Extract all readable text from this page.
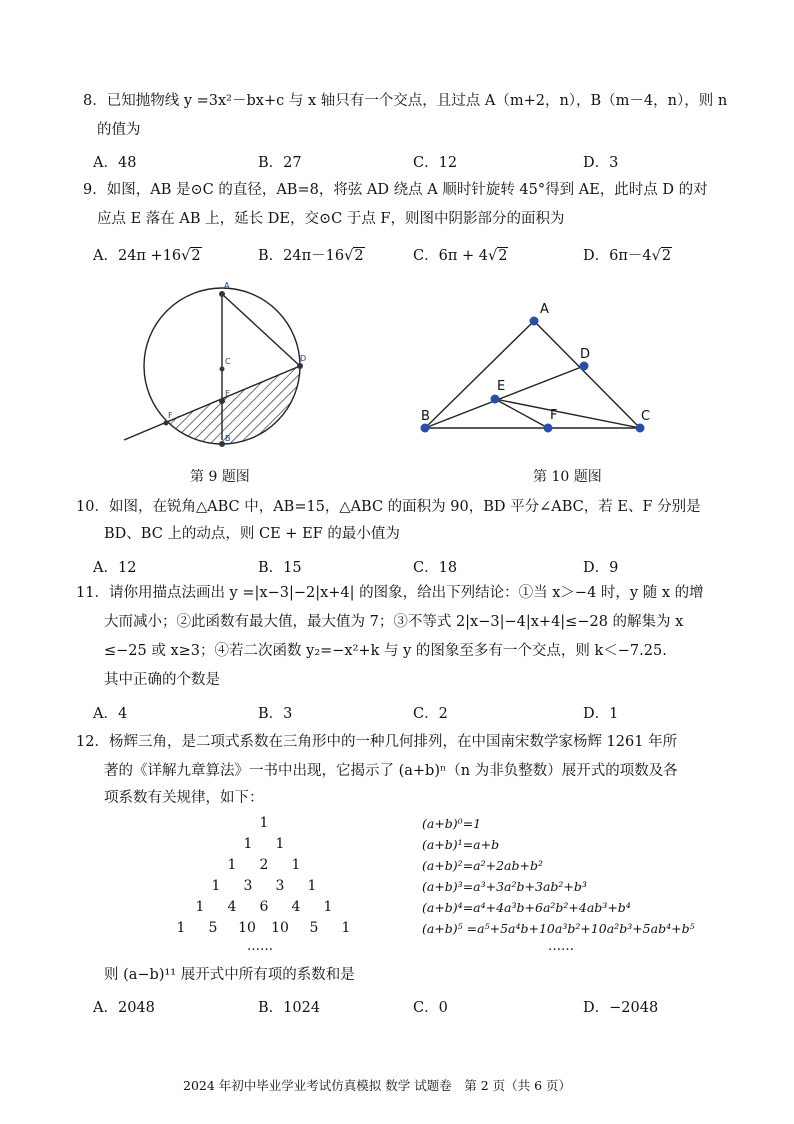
8．已知抛物线 y =3x²－bx+c 与 x 轴只有一个交点，且过点 A（m+2，n），B（m－4，n），则 n
的值为
A．48	B．27	C．12	D．3
9．如图，AB 是⊙C 的直径，AB=8，将弦 AD 绕点 A 顺时针旋转 45°得到 AE，此时点 D 的对
应点 E 落在 AB 上，延长 DE，交⊙C 于点 F，则图中阴影部分的面积为
A．24π +16√2	B．24π－16√2	C．6π + 4√2	D．6π－4√2
A
C	D
E
F
B
第 9 题图
A
D
E
F
B	C
第 10 题图
10．如图，在锐角△ABC 中，AB=15，△ABC 的面积为 90，BD 平分∠ABC，若 E、F 分别是
BD、BC 上的动点，则 CE + EF 的最小值为
A．12	B．15	C．18	D．9
11．请你用描点法画出 y =|x−3|−2|x+4| 的图象，给出下列结论：①当 x＞−4 时，y 随 x 的增
大而减小；②此函数有最大值，最大值为 7；③不等式 2|x−3|−4|x+4|≤−28 的解集为 x
≤−25 或 x≥3；④若二次函数 y₂=−x²+k 与 y 的图象至多有一个交点，则 k＜−7.25.
其中正确的个数是
A．4	B．3	C．2	D．1
12．杨辉三角，是二项式系数在三角形中的一种几何排列，在中国南宋数学家杨辉 1261 年所
著的《详解九章算法》一书中出现，它揭示了 (a+b)ⁿ（n 为非负整数）展开式的项数及各
项系数有关规律，如下：
1
1	1
1	2	1
1	3	3	1
1	4	6	4	1
1	5	10	10	5	1
……
(a+b)⁰=1
(a+b)¹=a+b
(a+b)²=a²+2ab+b²
(a+b)³=a³+3a²b+3ab²+b³
(a+b)⁴=a⁴+4a³b+6a²b²+4ab³+b⁴
(a+b)⁵ =a⁵+5a⁴b+10a³b²+10a²b³+5ab⁴+b⁵
……
则 (a−b)¹¹ 展开式中所有项的系数和是
A．2048	B．1024	C．0	D．−2048
2024 年初中毕业学业考试仿真模拟 数学 试题卷　第 2 页（共 6 页）
